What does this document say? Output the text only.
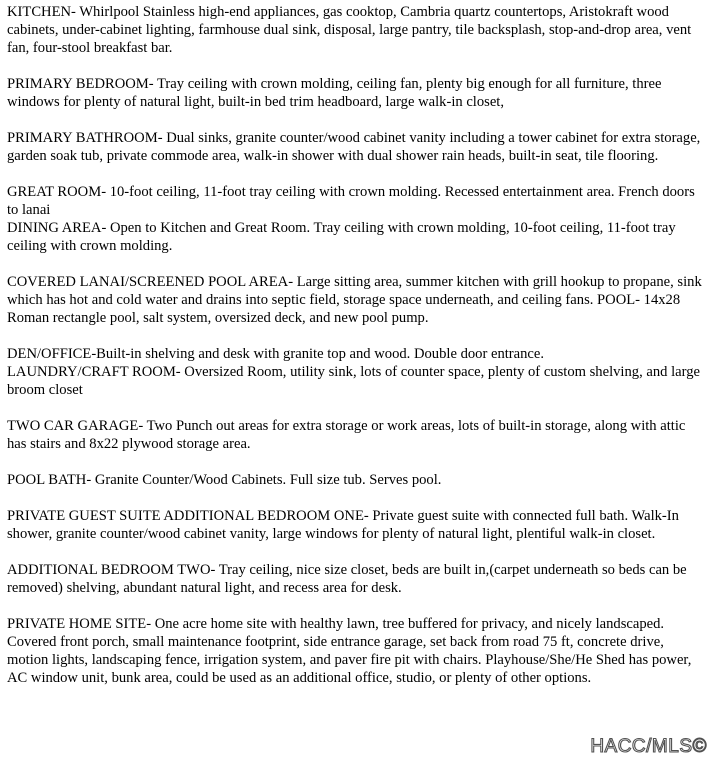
KITCHEN- Whirlpool Stainless high-end appliances, gas cooktop, Cambria quartz countertops, Aristokraft wood cabinets, under-cabinet lighting, farmhouse dual sink, disposal, large pantry, tile backsplash, stop-and-drop area, vent fan, four-stool breakfast bar.

PRIMARY BEDROOM- Tray ceiling with crown molding, ceiling fan, plenty big enough for all furniture, three windows for plenty of natural light, built-in bed trim headboard, large walk-in closet,

PRIMARY BATHROOM- Dual sinks, granite counter/wood cabinet vanity including a tower cabinet for extra storage, garden soak tub, private commode area, walk-in shower with dual shower rain heads, built-in seat, tile flooring.

GREAT ROOM- 10-foot ceiling, 11-foot tray ceiling with crown molding. Recessed entertainment area. French doors to lanai

DINING AREA- Open to Kitchen and Great Room. Tray ceiling with crown molding, 10-foot ceiling, 11-foot tray ceiling with crown molding.

COVERED LANAI/SCREENED POOL AREA- Large sitting area, summer kitchen with grill hookup to propane, sink which has hot and cold water and drains into septic field, storage space underneath, and ceiling fans. POOL- 14x28 Roman rectangle pool, salt system, oversized deck, and new pool pump.

DEN/OFFICE-Built-in shelving and desk with granite top and wood. Double door entrance.

LAUNDRY/CRAFT ROOM- Oversized Room, utility sink, lots of counter space, plenty of custom shelving, and large broom closet

TWO CAR GARAGE- Two Punch out areas for extra storage or work areas, lots of built-in storage, along with attic has stairs and 8x22 plywood storage area.

POOL BATH- Granite Counter/Wood Cabinets. Full size tub. Serves pool.

PRIVATE GUEST SUITE ADDITIONAL BEDROOM ONE- Private guest suite with connected full bath. Walk-In shower, granite counter/wood cabinet vanity, large windows for plenty of natural light, plentiful walk-in closet.

ADDITIONAL BEDROOM TWO- Tray ceiling, nice size closet, beds are built in,(carpet underneath so beds can be removed) shelving, abundant natural light, and recess area for desk.

PRIVATE HOME SITE- One acre home site with healthy lawn, tree buffered for privacy, and nicely landscaped. Covered front porch, small maintenance footprint, side entrance garage, set back from road 75 ft, concrete drive, motion lights, landscaping fence, irrigation system, and paver fire pit with chairs. Playhouse/She/He Shed has power, AC window unit, bunk area, could be used as an additional office, studio, or plenty of other options.

HACC/MLS©
